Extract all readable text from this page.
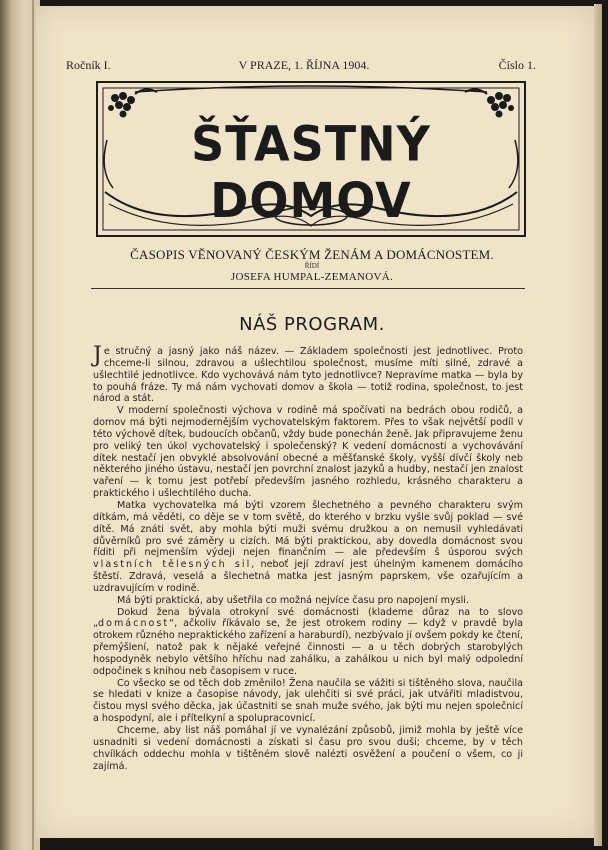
Ročník I.	V PRAZE, 1. ŘÍJNA 1904.	Číslo 1.
ŠŤASTNÝ DOMOV
ČASOPIS VĚNOVANÝ ČESKÝM ŽENÁM A DOMÁCNOSTEM.
ŘÍDÍ
JOSEFA HUMPAL-ZEMANOVÁ.
NÁŠ PROGRAM.

Je stručný a jasný jako náš název. — Základem společnosti jest jednotlivec. Proto chceme-li silnou, zdravou a ušlechtilou společnost, musíme míti silné, zdravé a ušlechtilé jednotlivce. Kdo vychovává nám tyto jednotlivce? Nepravíme matka — byla by to pouhá fráze. Ty má nám vychovati domov a škola — totiž rodina, společnost, to jest národ a stát.

V moderní společnosti výchova v rodině má spočívati na bedrách obou rodičů, a domov má býti nejmodernějším vychovatelským faktorem. Přes to však největší podíl v této výchově dítek, budoucích občanů, vždy bude ponechán ženě. Jak připravujeme ženu pro veliký ten úkol vychovatelský i společenský? K vedení domácnosti a vychovávání dítek nestačí jen obvyklé absolvování obecné a měšťanské školy, vyšší dívčí školy neb některého jiného ústavu, nestačí jen povrchní znalost jazyků a hudby, nestačí jen znalost vaření — k tomu jest potřebí především jasného rozhledu, krásného charakteru a praktického i ušlechtilého ducha.

Matka vychovatelka má býti vzorem šlechetného a pevného charakteru svým dítkám, má věděti, co děje se v tom světě, do kterého v brzku vyšle svůj poklad — své dítě. Má znáti svět, aby mohla býti muži svému družkou a on nemusil vyhledávati důvěrníků pro své záměry u cizích. Má býti praktickou, aby dovedla domácnost svou říditi při nejmenším výdeji nejen finančním — ale především š úsporou svých vlastních tělesných sil, neboť její zdraví jest úhelným kamenem domácího štěstí. Zdravá, veselá a šlechetná matka jest jasným paprskem, vše ozařujícím a uzdravujícím v rodině.

Má býti praktická, aby ušetřila co možná nejvíce času pro napojení mysli.

Dokud žena bývala otrokyní své domácnosti (klademe důraz na to slovo „domácnost“, ačkoliv říkávalo se, že jest otrokem rodiny — když v pravdě byla otrokem různého nepraktického zařízení a haraburdí), nezbývalo jí ovšem pokdy ke čtení, přemýšlení, natož pak k nějaké veřejné činnosti — a u těch dobrých starobylých hospodyněk nebylo většího hříchu nad zahálku, a zahálkou u nich byl malý odpolední odpočinek s knihou neb časopisem v ruce.

Co všecko se od těch dob změnilo! Žena naučila se vážiti si tištěného slova, naučila se hledati v knize a časopise návody, jak ulehčiti si své práci, jak utvářiti mladistvou, čistou mysl svého děcka, jak účastniti se snah muže svého, jak býti mu nejen společnicí a hospodyní, ale i přítelkyní a spolupracovnicí.

Chceme, aby list náš pomáhal jí ve vynalézání způsobů, jimiž mohla by ještě více usnadniti si vedení domácnosti a získati si času pro svou duši; chceme, by v těch chvílkách oddechu mohla v tištěném slově nalézti osvěžení a poučení o všem, co ji zajímá.
